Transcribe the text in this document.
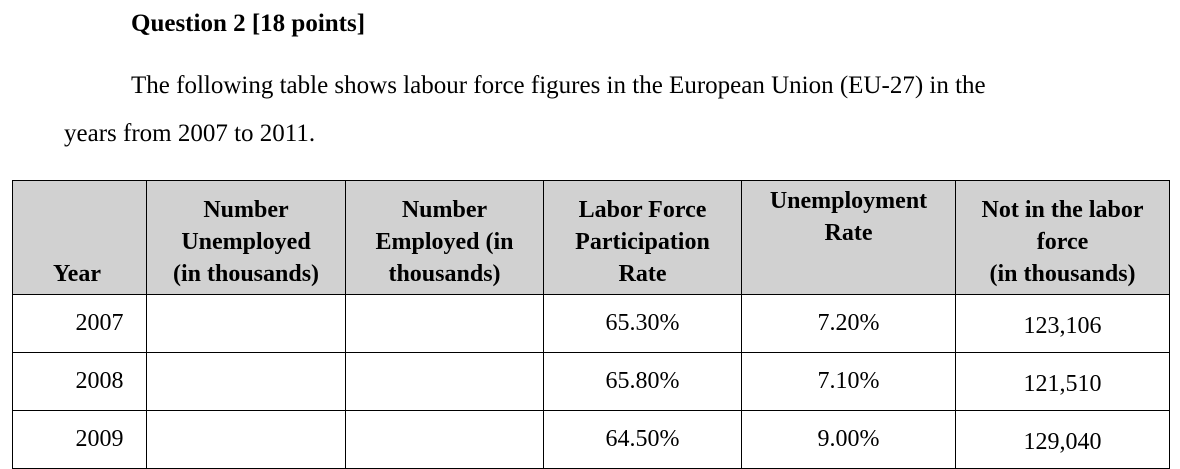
Question 2 [18 points]
The following table shows labour force figures in the European Union (EU-27) in the
years from 2007 to 2011.
Year	Number
Unemployed
(in thousands)	Number
Employed (in
thousands)	Labor Force
Participation
Rate	Unemployment
Rate	Not in the labor
force
(in thousands)

2007			65.30%	7.20%	123,106
2008			65.80%	7.10%	121,510
2009			64.50%	9.00%	129,040
